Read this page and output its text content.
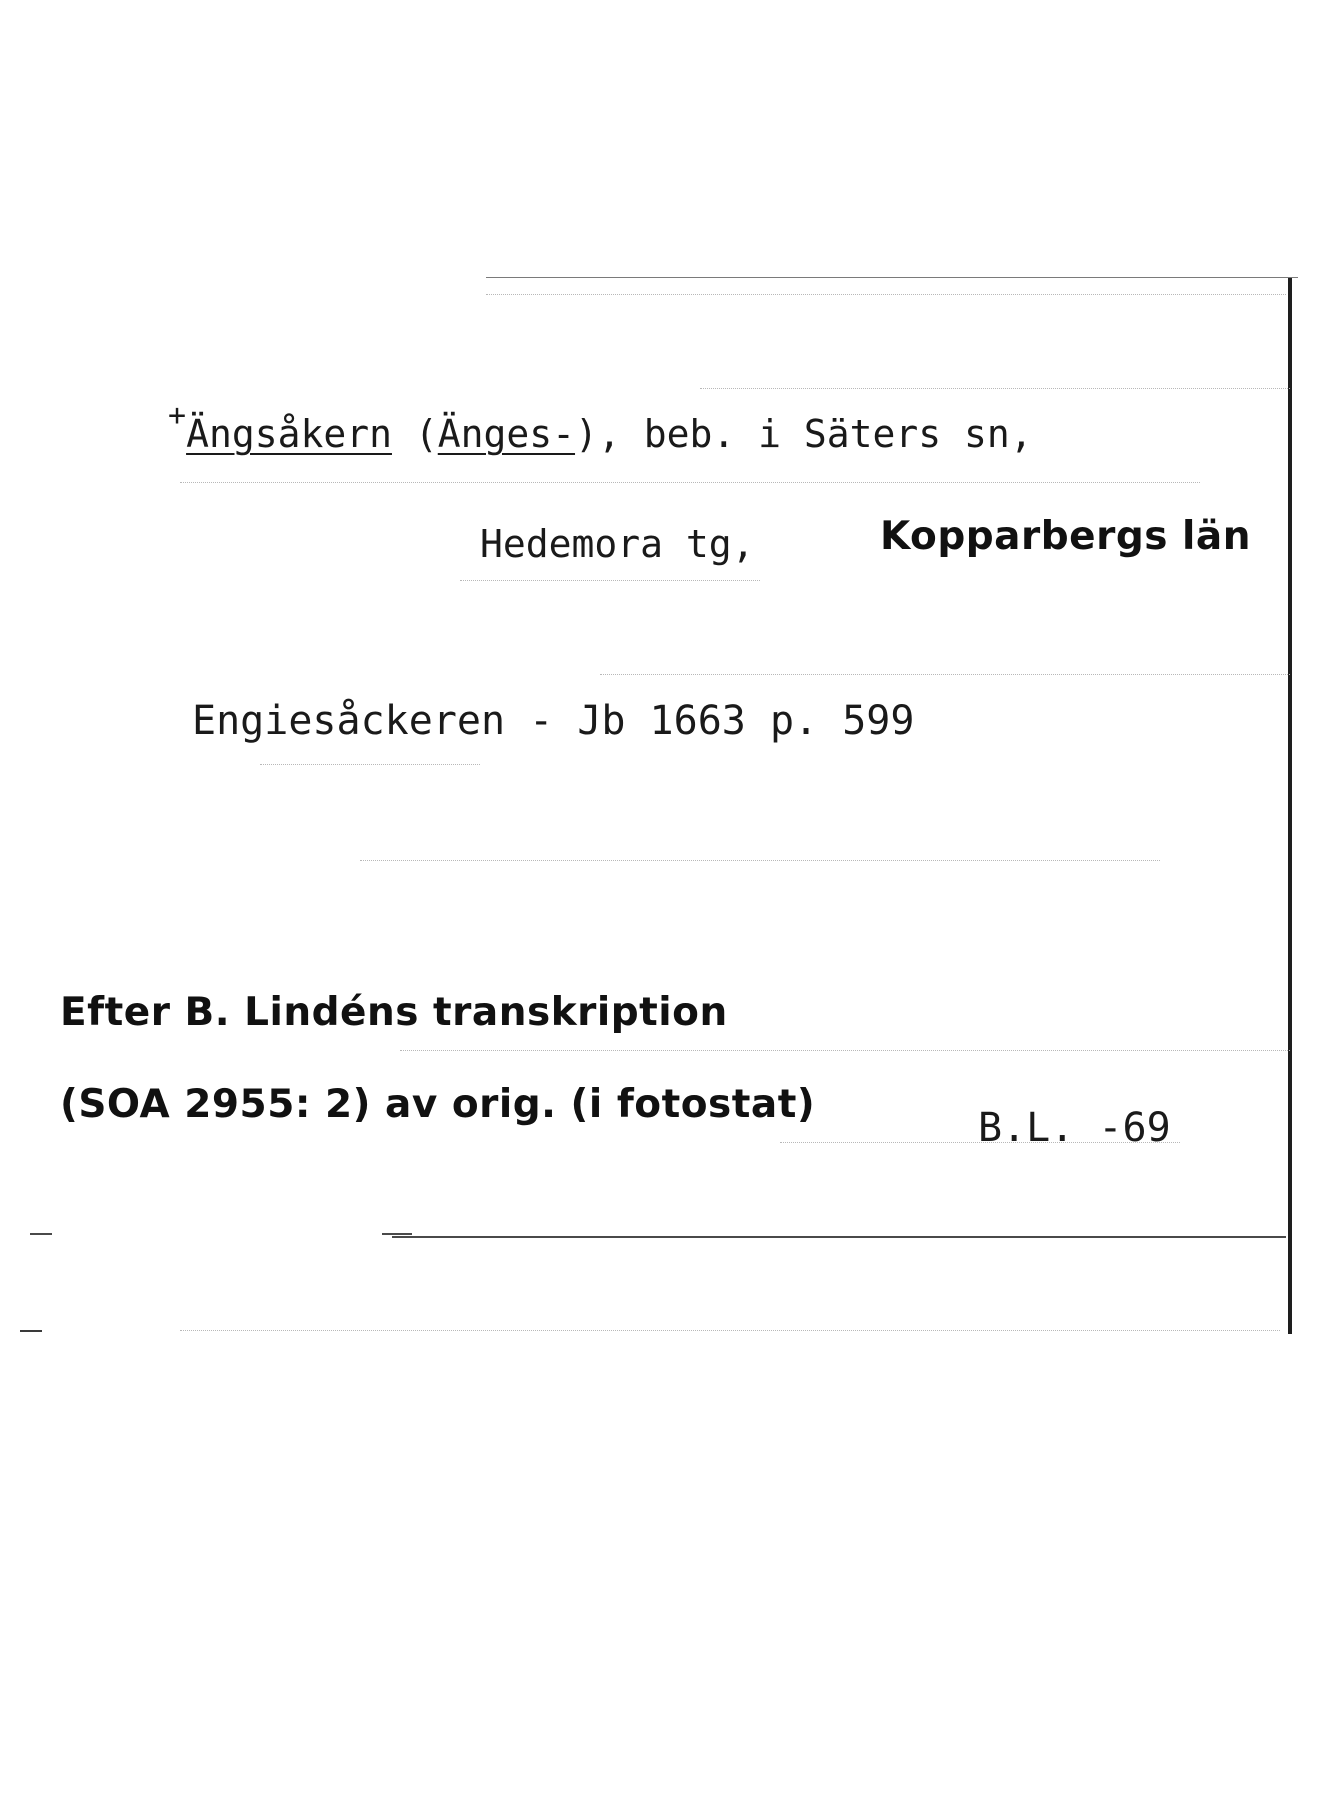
+Ängsåkern (Änges-), beb. i Säters sn,
Hedemora tg,	Kopparbergs län
Engiesåckeren - Jb 1663 p. 599
Efter B. Lindéns transkription
(SOA 2955: 2) av orig. (i fotostat)
B.L. -69
